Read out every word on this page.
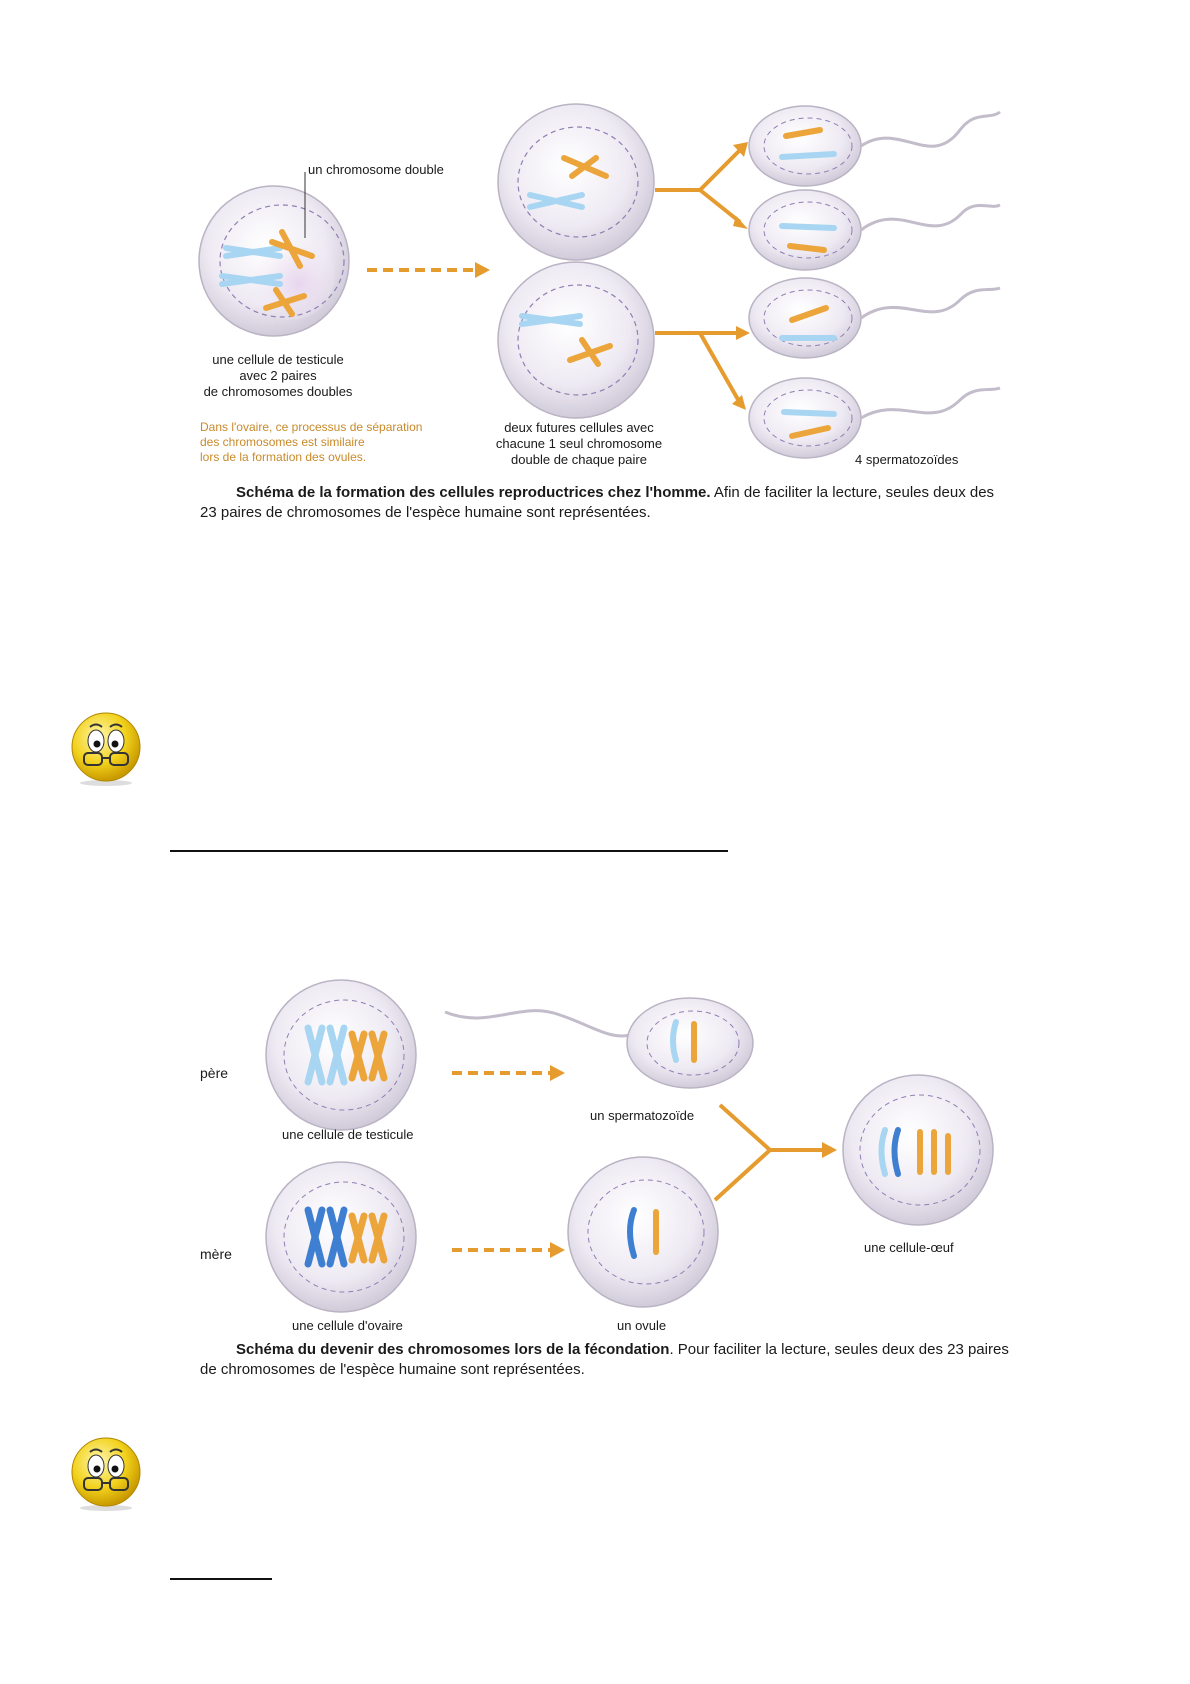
un chromosome double
une cellule de testicule
avec 2 paires
de chromosomes doubles
Dans l'ovaire, ce processus de séparation
des chromosomes est similaire
lors de la formation des ovules.
deux futures cellules avec
chacune 1 seul chromosome
double de chaque paire	4 spermatozoïdes
Schéma de la formation des cellules reproductrices chez l'homme. Afin de faciliter la lecture, seules deux des
23 paires de chromosomes de l'espèce humaine sont représentées.
père
mère
une cellule de testicule
un spermatozoïde
une cellule-œuf
une cellule d'ovaire	un ovule
Schéma du devenir des chromosomes lors de la fécondation. Pour faciliter la lecture, seules deux des 23 paires
de chromosomes de l'espèce humaine sont représentées.
